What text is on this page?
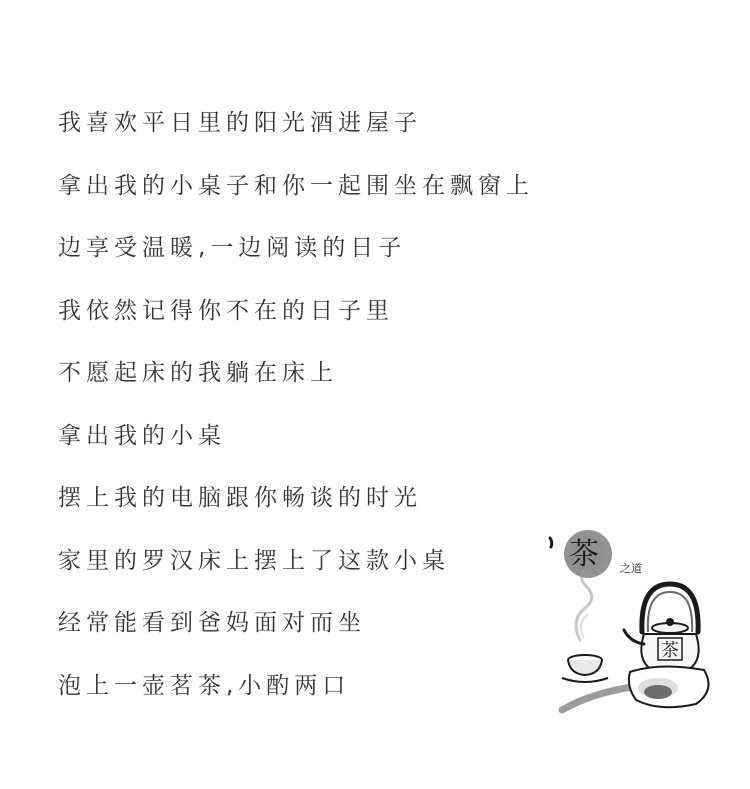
我喜欢平日里的阳光酒进屋子
拿出我的小桌子和你一起围坐在飘窗上
边享受温暖,一边阅读的日子
我依然记得你不在的日子里
不愿起床的我躺在床上
拿出我的小桌
摆上我的电脑跟你畅谈的时光
家里的罗汉床上摆上了这款小桌
经常能看到爸妈面对而坐
泡上一壶茗茶,小酌两口
茶 之道
茶
